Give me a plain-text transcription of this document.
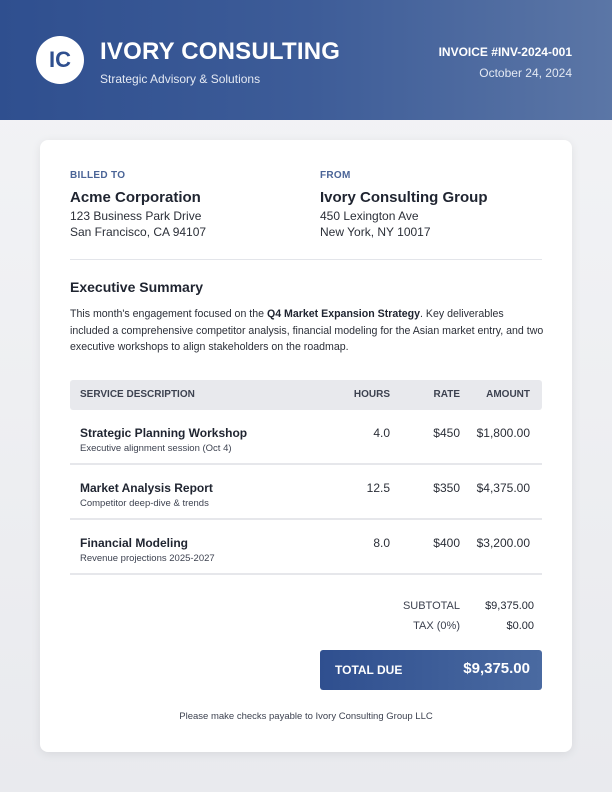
IC IVORY CONSULTING
Strategic Advisory & Solutions
INVOICE #INV-2024-001
October 24, 2024
BILLED TO
Acme Corporation
123 Business Park Drive
San Francisco, CA 94107
FROM
Ivory Consulting Group
450 Lexington Ave
New York, NY 10017
Executive Summary
This month's engagement focused on the Q4 Market Expansion Strategy. Key deliverables included a comprehensive competitor analysis, financial modeling for the Asian market entry, and two executive workshops to align stakeholders on the roadmap.
SERVICE DESCRIPTION	HOURS	RATE	AMOUNT
Strategic Planning Workshop
Executive alignment session (Oct 4)
4.0	$450 $1,800.00
Market Analysis Report
Competitor deep-dive & trends
12.5	$350 $4,375.00
Financial Modeling
Revenue projections 2025-2027
8.0	$400 $3,200.00
SUBTOTAL $9,375.00
TAX (0%)	$0.00
TOTAL DUE	$9,375.00
Please make checks payable to Ivory Consulting Group LLC
